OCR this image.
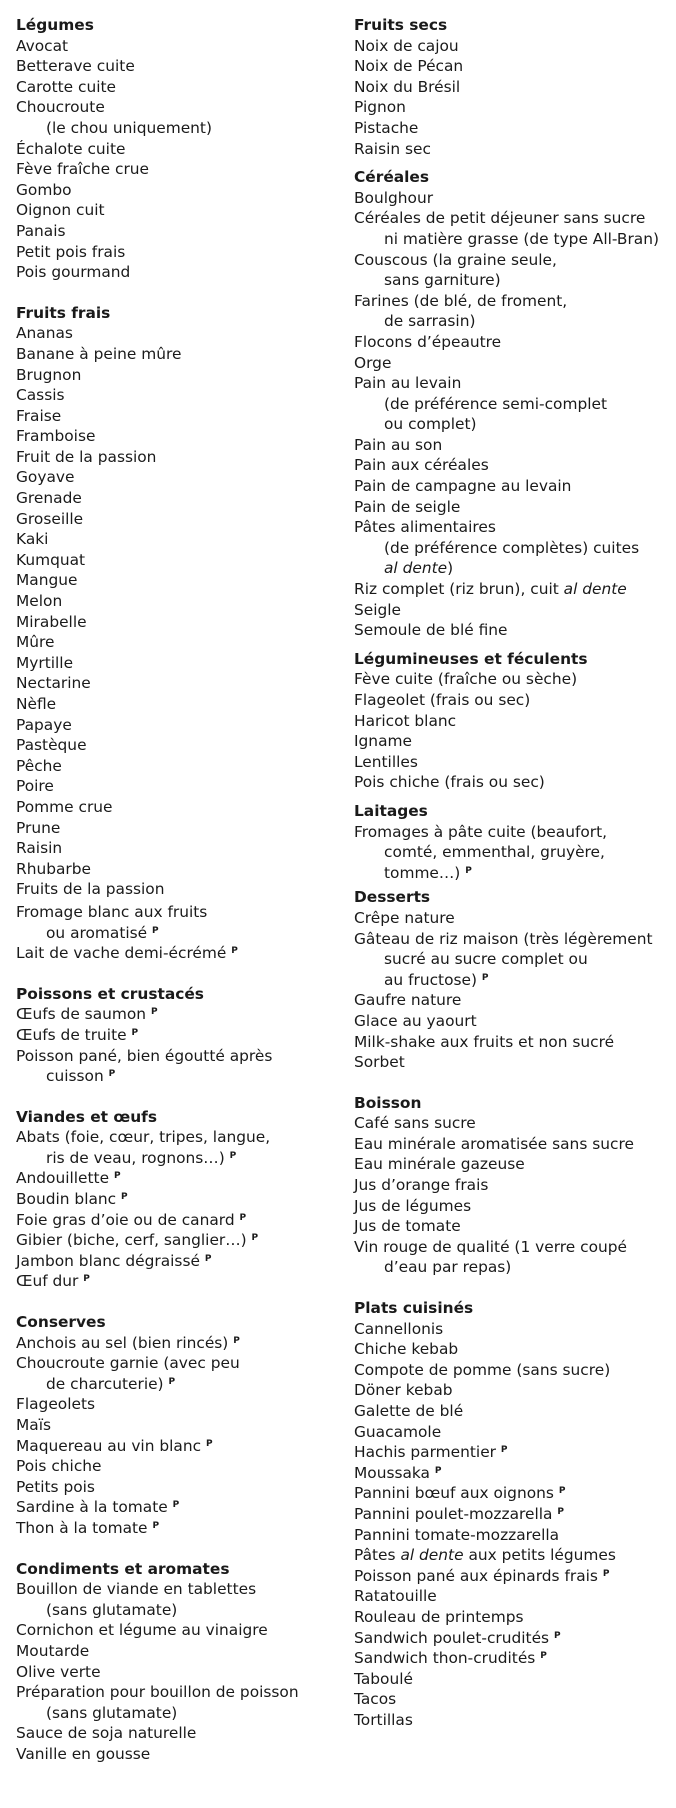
Légumes
Avocat
Betterave cuite
Carotte cuite
Choucroute
(le chou uniquement)
Échalote cuite
Fève fraîche crue
Gombo
Oignon cuit
Panais
Petit pois frais
Pois gourmand
Fruits frais
Ananas
Banane à peine mûre
Brugnon
Cassis
Fraise
Framboise
Fruit de la passion
Goyave
Grenade
Groseille
Kaki
Kumquat
Mangue
Melon
Mirabelle
Mûre
Myrtille
Nectarine
Nèfle
Papaye
Pastèque
Pêche
Poire
Pomme crue
Prune
Raisin
Rhubarbe
Fruits de la passion
Fromage blanc aux fruits
ou aromatisé $^P$
Lait de vache demi-écrémé $^P$
Poissons et crustacés
Œufs de saumon $^P$
Œufs de truite $^P$
Poisson pané, bien égoutté après
cuisson $^P$
Viandes et œufs
Abats (foie, cœur, tripes, langue,
ris de veau, rognons…) $^P$
Andouillette $^P$
Boudin blanc $^P$
Foie gras d’oie ou de canard $^P$
Gibier (biche, cerf, sanglier…) $^P$
Jambon blanc dégraissé $^P$
Œuf dur $^P$
Conserves
Anchois au sel (bien rincés) $^P$
Choucroute garnie (avec peu
de charcuterie) $^P$
Flageolets
Maïs
Maquereau au vin blanc $^P$
Pois chiche
Petits pois
Sardine à la tomate $^P$
Thon à la tomate $^P$
Condiments et aromates
Bouillon de viande en tablettes
(sans glutamate)
Cornichon et légume au vinaigre
Moutarde
Olive verte
Préparation pour bouillon de poisson
(sans glutamate)
Sauce de soja naturelle
Vanille en gousse
Fruits secs
Noix de cajou
Noix de Pécan
Noix du Brésil
Pignon
Pistache
Raisin sec
Céréales
Boulghour
Céréales de petit déjeuner sans sucre
ni matière grasse (de type All-Bran)
Couscous (la graine seule,
sans garniture)
Farines (de blé, de froment,
de sarrasin)
Flocons d’épeautre
Orge
Pain au levain
(de préférence semi-complet
ou complet)
Pain au son
Pain aux céréales
Pain de campagne au levain
Pain de seigle
Pâtes alimentaires
(de préférence complètes) cuites
al dente)
Riz complet (riz brun), cuit al dente
Seigle
Semoule de blé fine
Légumineuses et féculents
Fève cuite (fraîche ou sèche)
Flageolet (frais ou sec)
Haricot blanc
Igname
Lentilles
Pois chiche (frais ou sec)
Laitages
Fromages à pâte cuite (beaufort,
comté, emmenthal, gruyère,
tomme…) $^P$
Desserts
Crêpe nature
Gâteau de riz maison (très légèrement
sucré au sucre complet ou
au fructose) $^P$
Gaufre nature
Glace au yaourt
Milk-shake aux fruits et non sucré
Sorbet
Boisson
Café sans sucre
Eau minérale aromatisée sans sucre
Eau minérale gazeuse
Jus d’orange frais
Jus de légumes
Jus de tomate
Vin rouge de qualité (1 verre coupé
d’eau par repas)
Plats cuisinés
Cannellonis
Chiche kebab
Compote de pomme (sans sucre)
Döner kebab
Galette de blé
Guacamole
Hachis parmentier $^P$
Moussaka $^P$
Pannini bœuf aux oignons $^P$
Pannini poulet-mozzarella $^P$
Pannini tomate-mozzarella
Pâtes al dente aux petits légumes
Poisson pané aux épinards frais $^P$
Ratatouille
Rouleau de printemps
Sandwich poulet-crudités $^P$
Sandwich thon-crudités $^P$
Taboulé
Tacos
Tortillas
